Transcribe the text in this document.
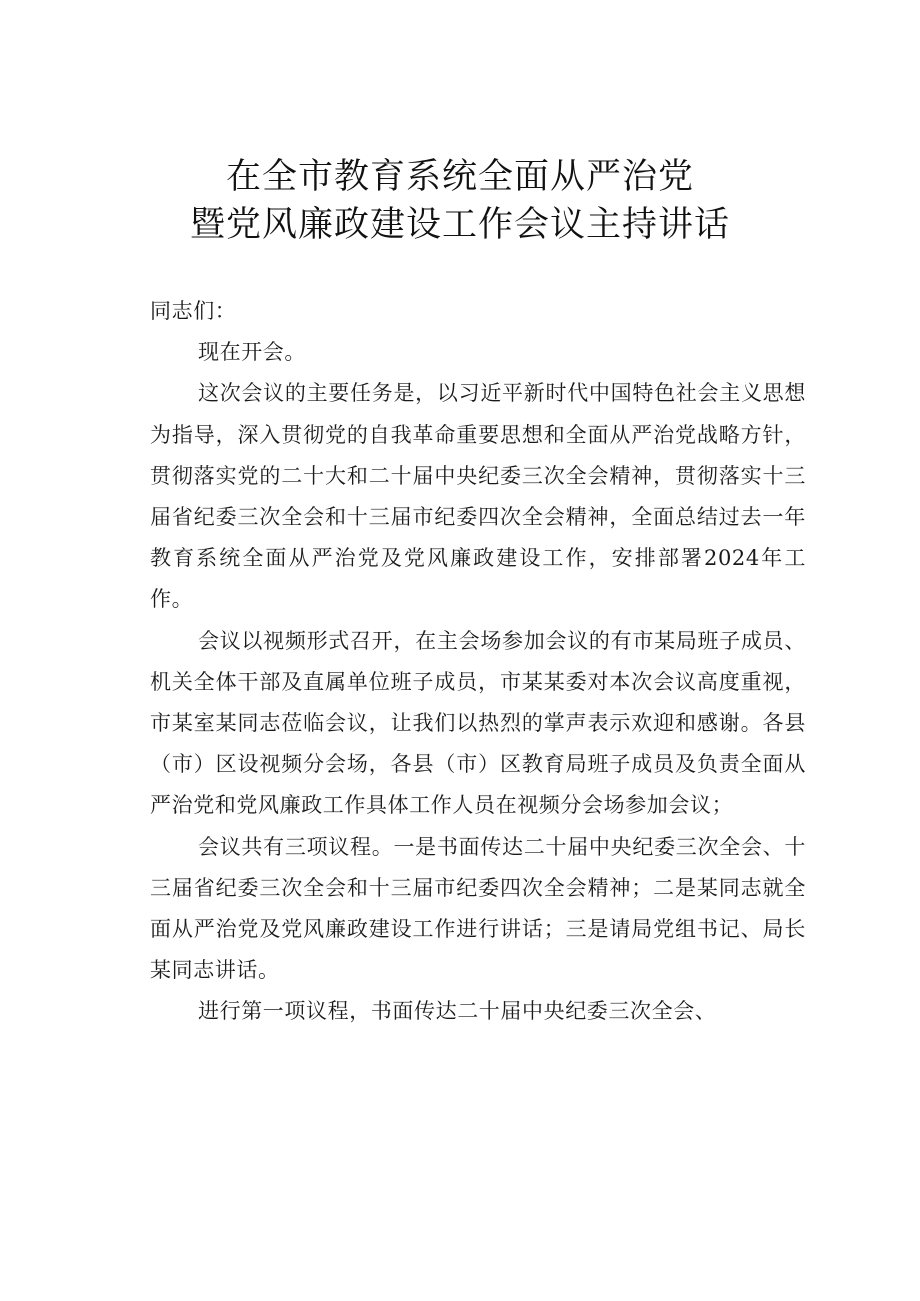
在全市教育系统全面从严治党
暨党风廉政建设工作会议主持讲话

同志们：

现在开会。

这次会议的主要任务是，以习近平新时代中国特色社会主义思想为指导，深入贯彻党的自我革命重要思想和全面从严治党战略方针，贯彻落实党的二十大和二十届中央纪委三次全会精神，贯彻落实十三届省纪委三次全会和十三届市纪委四次全会精神，全面总结过去一年教育系统全面从严治党及党风廉政建设工作，安排部署2024年工作。

会议以视频形式召开，在主会场参加会议的有市某局班子成员、机关全体干部及直属单位班子成员，市某某委对本次会议高度重视，市某室某同志莅临会议，让我们以热烈的掌声表示欢迎和感谢。各县（市）区设视频分会场，各县（市）区教育局班子成员及负责全面从严治党和党风廉政工作具体工作人员在视频分会场参加会议；

会议共有三项议程。一是书面传达二十届中央纪委三次全会、十三届省纪委三次全会和十三届市纪委四次全会精神；二是某同志就全面从严治党及党风廉政建设工作进行讲话；三是请局党组书记、局长某同志讲话。

进行第一项议程，书面传达二十届中央纪委三次全会、
